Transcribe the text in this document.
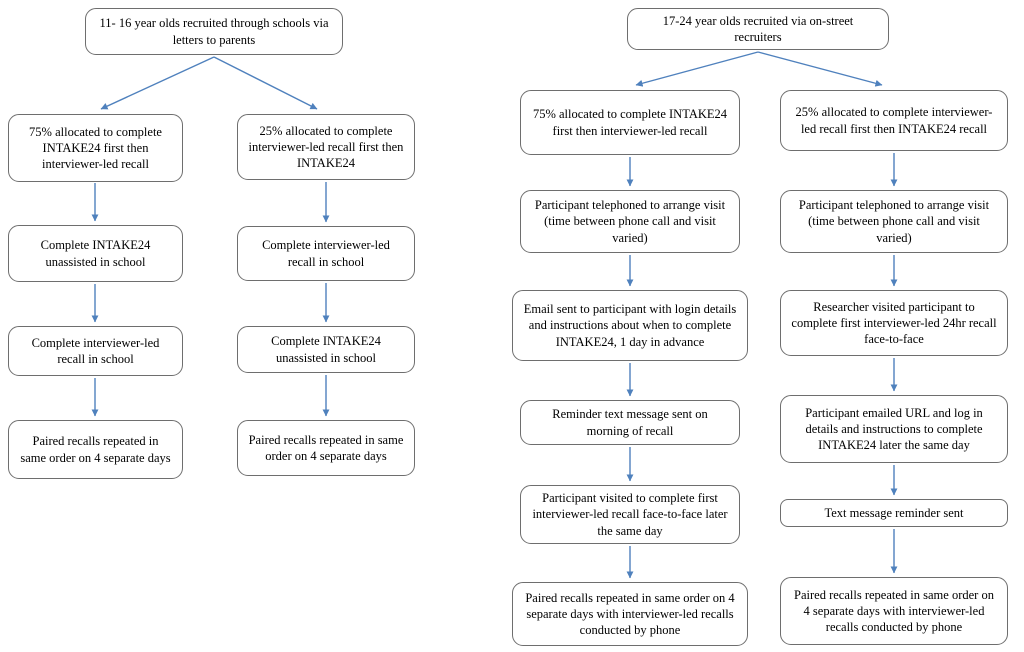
11- 16 year olds recruited through schools via letters to parents
75% allocated to complete INTAKE24 first then interviewer-led recall
Complete INTAKE24 unassisted in school
Complete interviewer-led recall in school
Paired recalls repeated in same order on 4 separate days
25% allocated to complete interviewer-led recall first then INTAKE24
Complete interviewer-led recall in school
Complete INTAKE24 unassisted in school
Paired recalls repeated in same order on 4 separate days
17-24 year olds recruited via on-street recruiters
75% allocated to complete INTAKE24 first then interviewer-led recall
Participant telephoned to arrange visit (time between phone call and visit varied)
Email sent to participant with login details and instructions about when to complete INTAKE24, 1 day in advance
Reminder text message sent on morning of recall
Participant visited to complete first interviewer-led recall face-to-face later the same day
Paired recalls repeated in same order on 4 separate days with interviewer-led recalls conducted by phone
25% allocated to complete interviewer-led recall first then INTAKE24 recall
Participant telephoned to arrange visit (time between phone call and visit varied)
Researcher visited participant to complete first interviewer-led 24hr recall face-to-face
Participant emailed URL and log in details and instructions to complete INTAKE24 later the same day
Text message reminder sent
Paired recalls repeated in same order on 4 separate days with interviewer-led recalls conducted by phone
